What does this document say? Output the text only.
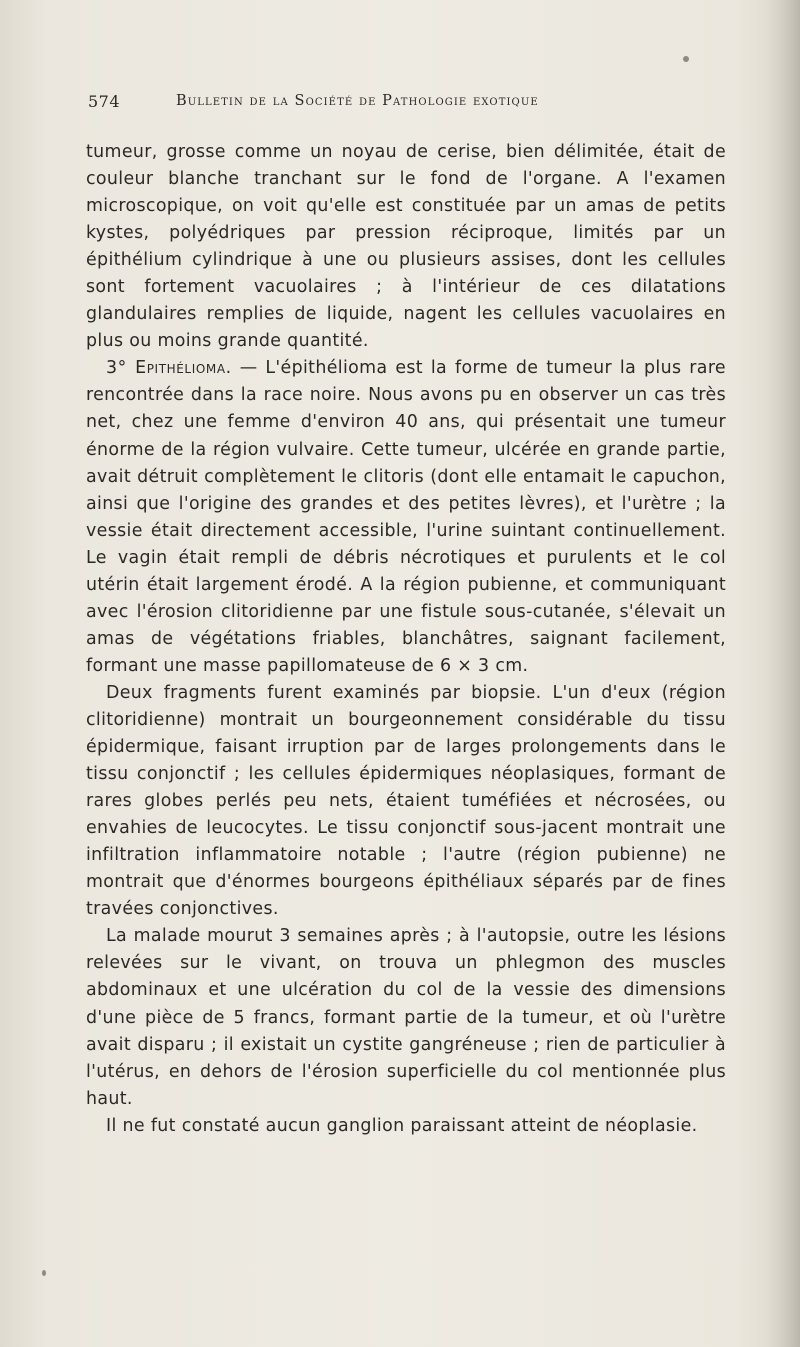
574	Bulletin de la Société de Pathologie exotique

tumeur, grosse comme un noyau de cerise, bien délimitée, était de couleur blanche tranchant sur le fond de l'organe. A l'examen microscopique, on voit qu'elle est constituée par un amas de petits kystes, polyédriques par pression réciproque, limités par un épithélium cylindrique à une ou plusieurs assises, dont les cellules sont fortement vacuolaires ; à l'intérieur de ces dilatations glandulaires remplies de liquide, nagent les cellules vacuolaires en plus ou moins grande quantité.

3° Epithélioma. — L'épithélioma est la forme de tumeur la plus rare rencontrée dans la race noire. Nous avons pu en observer un cas très net, chez une femme d'environ 40 ans, qui présentait une tumeur énorme de la région vulvaire. Cette tumeur, ulcérée en grande partie, avait détruit complètement le clitoris (dont elle entamait le capuchon, ainsi que l'origine des grandes et des petites lèvres), et l'urètre ; la vessie était directement accessible, l'urine suintant continuellement. Le vagin était rempli de débris nécrotiques et purulents et le col utérin était largement érodé. A la région pubienne, et communiquant avec l'érosion clitoridienne par une fistule sous-cutanée, s'élevait un amas de végétations friables, blanchâtres, saignant facilement, formant une masse papillomateuse de 6 × 3 cm.

Deux fragments furent examinés par biopsie. L'un d'eux (région clitoridienne) montrait un bourgeonnement considérable du tissu épidermique, faisant irruption par de larges prolongements dans le tissu conjonctif ; les cellules épidermiques néoplasiques, formant de rares globes perlés peu nets, étaient tuméfiées et nécrosées, ou envahies de leucocytes. Le tissu conjonctif sous-jacent montrait une infiltration inflammatoire notable ; l'autre (région pubienne) ne montrait que d'énormes bourgeons épithéliaux séparés par de fines travées conjonctives.

La malade mourut 3 semaines après ; à l'autopsie, outre les lésions relevées sur le vivant, on trouva un phlegmon des muscles abdominaux et une ulcération du col de la vessie des dimensions d'une pièce de 5 francs, formant partie de la tumeur, et où l'urètre avait disparu ; il existait un cystite gangréneuse ; rien de particulier à l'utérus, en dehors de l'érosion superficielle du col mentionnée plus haut.

Il ne fut constaté aucun ganglion paraissant atteint de néoplasie.
